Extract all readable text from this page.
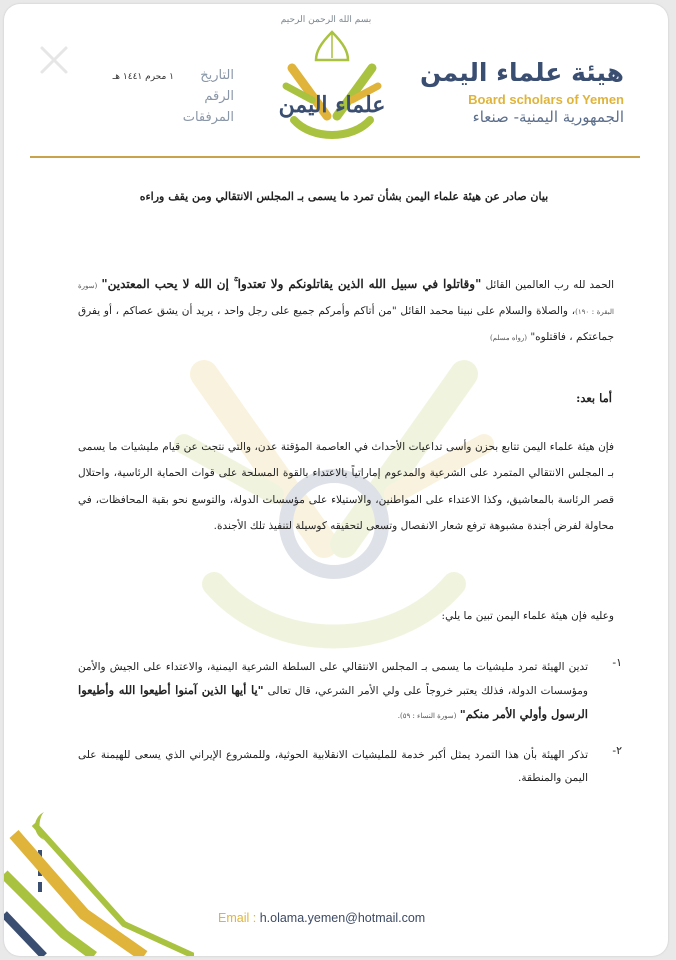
بسم الله الرحمن الرحيم
علماء اليمن
هيئة علماء اليمن
Board scholars of Yemen
الجمهورية اليمنية- صنعاء
التاريخ
١ محرم ١٤٤١ هـ
الرقم
المرفقات
بيان صادر عن هيئة علماء اليمن بشأن تمرد ما يسمى بـ المجلس الانتقالي ومن يقف وراءه
الحمد لله رب العالمين القائل "وقاتلوا في سبيل الله الذين يقاتلونكم ولا تعتدوا ۚ إن الله لا يحب المعتدين" (سورة البقرة : ١٩٠)، والصلاة والسلام على نبينا محمد القائل "من أتاكم وأمركم جميع على رجل واحد ، يريد أن يشق عصاكم ، أو يفرق جماعتكم ، فاقتلوه" (رواه مسلم)
أما بعد:
فإن هيئة علماء اليمن تتابع بحزن وأسى تداعيات الأحداث في العاصمة المؤقتة عدن، والتي نتجت عن قيام مليشيات ما يسمى بـ المجلس الانتقالي المتمرد على الشرعية والمدعوم إماراتياً بالاعتداء بالقوة المسلحة على قوات الحماية الرئاسية، واحتلال قصر الرئاسة بالمعاشيق، وكذا الاعتداء على المواطنين، والاستيلاء على مؤسسات الدولة، والتوسع نحو بقية المحافظات، في محاولة لفرض أجندة مشبوهة ترفع شعار الانفصال وتسعى لتحقيقه كوسيلة لتنفيذ تلك الأجندة.
وعليه فإن هيئة علماء اليمن تبين ما يلي:
١-
تدين الهيئة تمرد مليشيات ما يسمى بـ المجلس الانتقالي على السلطة الشرعية اليمنية، والاعتداء على الجيش والأمن ومؤسسات الدولة، فذلك يعتبر خروجاً على ولي الأمر الشرعي، قال تعالى "يا أيها الذين آمنوا أطيعوا الله وأطيعوا الرسول وأولي الأمر منكم" (سورة النساء : ٥٩).
٢-
تذكر الهيئة بأن هذا التمرد يمثل أكبر خدمة للمليشيات الانقلابية الحوثية، وللمشروع الإيراني الذي يسعى للهيمنة على اليمن والمنطقة.
Email : h.olama.yemen@hotmail.com
